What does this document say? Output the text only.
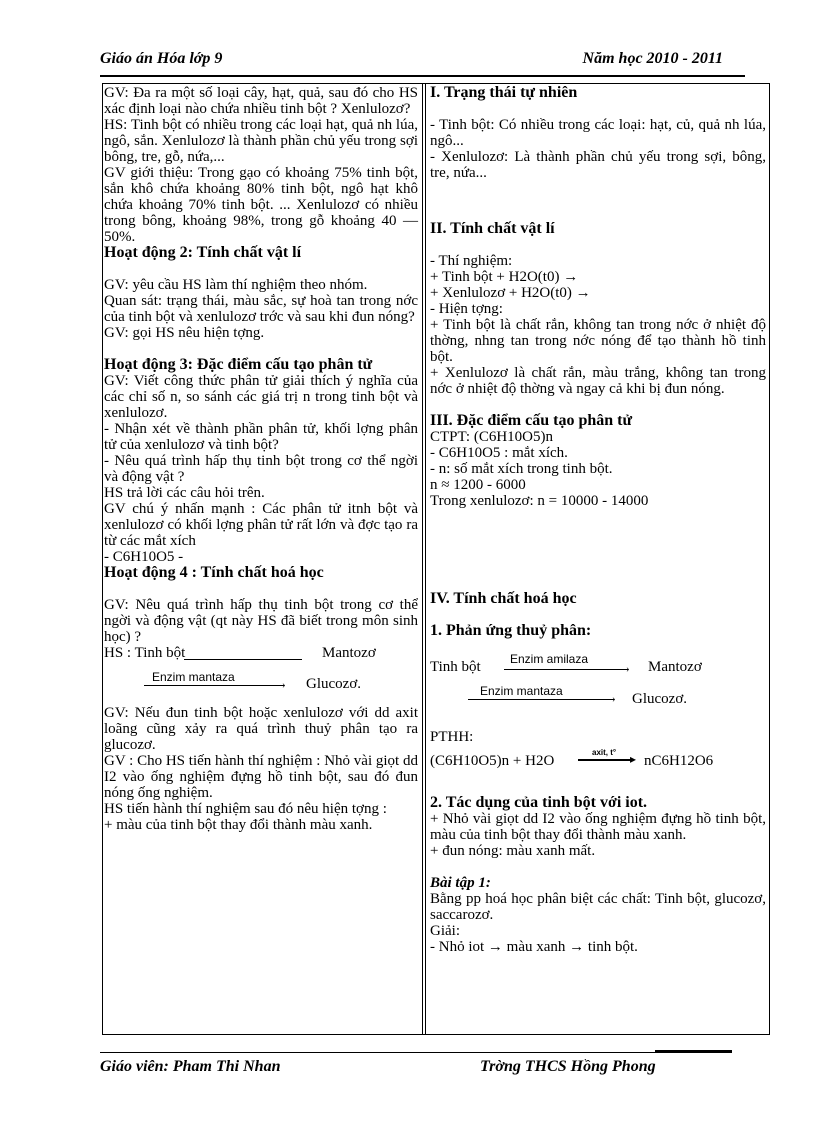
Giáo án Hóa lớp 9	Năm học 2010 - 2011

GV: Đa ra một số loại cây, hạt, quả, sau đó cho HS xác định loại nào chứa nhiều tinh bột ? Xenlulozơ?

HS: Tinh bột có nhiều trong các loại hạt, quả nh lúa, ngô, sắn. Xenlulozơ là thành phần chủ yếu trong sợi bông, tre, gỗ, nứa,...

GV giới thiệu: Trong gạo có khoảng 75% tinh bột, sắn khô chứa khoảng 80% tinh bột, ngô hạt khô chứa khoảng 70% tinh bột. ... Xenlulozơ có nhiều trong bông, khoảng 98%, trong gỗ khoảng 40 — 50%.

Hoạt động 2: Tính chất vật lí

GV: yêu cầu HS làm thí nghiệm theo nhóm.

Quan sát: trạng thái, màu sắc, sự hoà tan trong nớc của tinh bột và xenlulozơ trớc và sau khi đun nóng?

GV: gọi HS nêu hiện tợng.

Hoạt động 3: Đặc điểm cấu tạo phân tử

GV: Viết công thức phân tử giải thích ý nghĩa của các chỉ số n, so sánh các giá trị n trong tinh bột và xenlulozơ.

- Nhận xét về thành phần phân tử, khối lợng phân tử của xenlulozơ và tinh bột?

- Nêu quá trình hấp thụ tinh bột trong cơ thể ngời và động vật ?

HS trả lời các câu hỏi trên.

GV chú ý nhấn mạnh : Các phân tử itnh bột và xenlulozơ có khối lợng phân tử rất lớn và đợc tạo ra từ các mắt xích

- C6H10O5 -

Hoạt động 4 : Tính chất hoá học

GV: Nêu quá trình hấp thụ tinh bột trong cơ thể ngời và động vật (qt này HS đã biết trong môn sinh học) ?

HS : Tinh bột	Mantozơ
Enzim mantaza
› Glucozơ.

GV: Nếu đun tinh bột hoặc xenlulozơ với dd axit loãng cũng xảy ra quá trình thuỷ phân tạo ra glucozơ.

GV : Cho HS tiến hành thí nghiệm : Nhỏ vài giọt dd I2 vào ống nghiệm đựng hồ tinh bột, sau đó đun nóng ống nghiệm.

HS tiến hành thí nghiệm sau đó nêu hiện tợng :

+ màu của tinh bột thay đổi thành màu xanh.

I. Trạng thái tự nhiên

- Tinh bột: Có nhiều trong các loại: hạt, củ, quả nh lúa, ngô...

- Xenlulozơ: Là thành phần chủ yếu trong sợi, bông, tre, nứa...

II. Tính chất vật lí

- Thí nghiệm:

+ Tinh bột + H2O(t0) →

+ Xenlulozơ + H2O(t0) →

- Hiện tợng:

+ Tinh bột là chất rắn, không tan trong nớc ở nhiệt độ thờng, nhng tan trong nớc nóng để tạo thành hồ tinh bột.

+ Xenlulozơ là chất rắn, màu trắng, không tan trong nớc ở nhiệt độ thờng và ngay cả khi bị đun nóng.

III. Đặc điểm cấu tạo phân tử

CTPT: (C6H10O5)n

- C6H10O5 : mắt xích.

- n: số mắt xích trong tinh bột.

n ≈ 1200 - 6000

Trong xenlulozơ: n = 10000 - 14000

IV. Tính chất hoá học

1. Phản ứng thuỷ phân:

Tinh bột Enzim amilaza
› Mantozơ
Enzim mantaza
› Glucozơ.

PTHH:

(C6H10O5)n + H2O
axit, t° ▸ nC6H12O6

2. Tác dụng của tinh bột với iot.

+ Nhỏ vài giọt dd I2 vào ống nghiệm đựng hồ tinh bột, màu của tinh bột thay đổi thành màu xanh.

+ đun nóng: màu xanh mất.

Bài tập 1:

Bằng pp hoá học phân biệt các chất: Tinh bột, glucozơ, saccarozơ.

Giải:

- Nhỏ iot → màu xanh → tinh bột.

Giáo viên: Pham Thi Nhan	Trờng THCS Hồng Phong
